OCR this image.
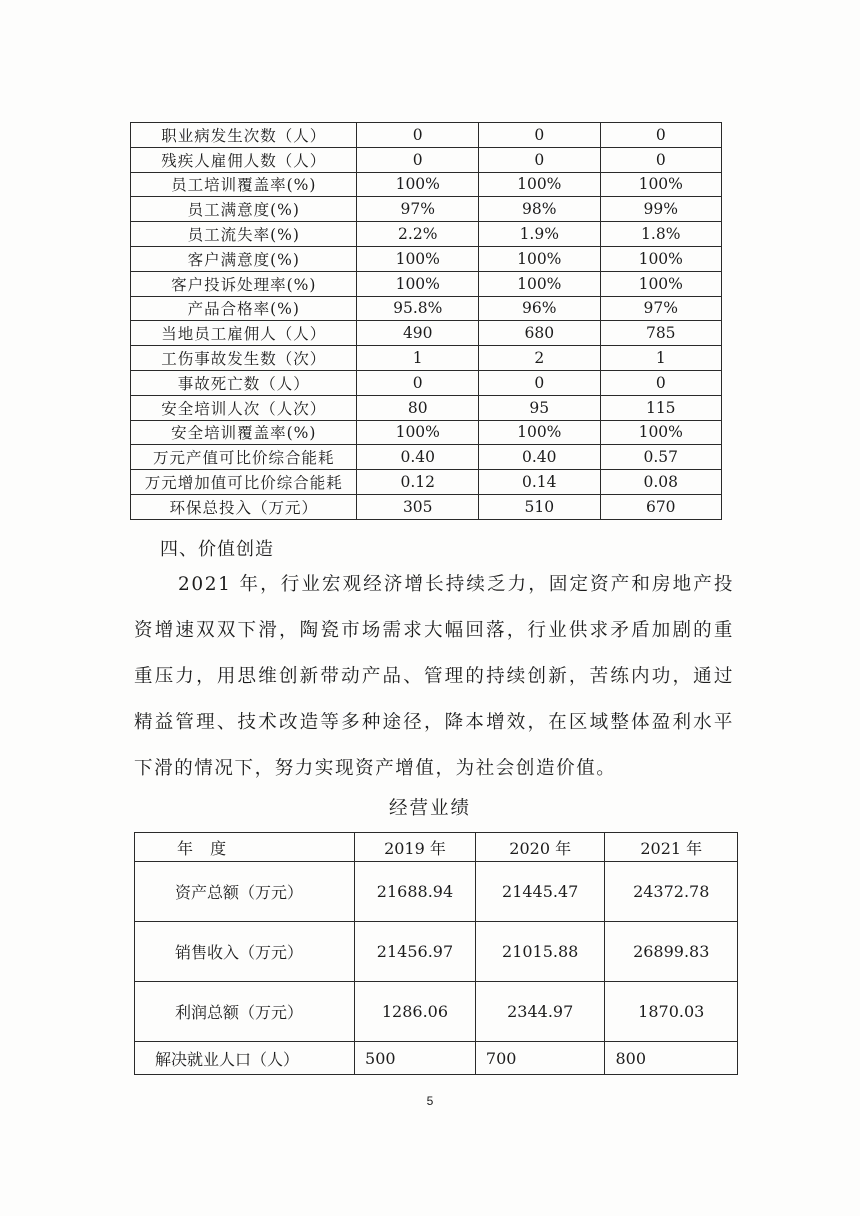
职业病发生次数（人）	0	0	0
残疾人雇佣人数（人）	0	0	0
员工培训覆盖率(%)	100%	100%	100%
员工满意度(%)	97%	98%	99%
员工流失率(%)	2.2%	1.9%	1.8%
客户满意度(%)	100%	100%	100%
客户投诉处理率(%)	100%	100%	100%
产品合格率(%)	95.8%	96%	97%
当地员工雇佣人（人）	490	680	785
工伤事故发生数（次）	1	2	1
事故死亡数（人）	0	0	0
安全培训人次（人次）	80	95	115
安全培训覆盖率(%)	100%	100%	100%
万元产值可比价综合能耗	0.40	0.40	0.57
万元增加值可比价综合能耗	0.12	0.14	0.08
环保总投入（万元）	305	510	670
四、价值创造

2021 年，行业宏观经济增长持续乏力，固定资产和房地产投资增速双双下滑，陶瓷市场需求大幅回落，行业供求矛盾加剧的重重压力，用思维创新带动产品、管理的持续创新，苦练内功，通过精益管理、技术改造等多种途径，降本增效，在区域整体盈利水平下滑的情况下，努力实现资产增值，为社会创造价值。

经营业绩
年 度	2019 年	2020 年	2021 年
资产总额（万元）	21688.94	21445.47	24372.78
销售收入（万元）	21456.97	21015.88	26899.83
利润总额（万元）	1286.06	2344.97	1870.03
解决就业人口（人）	500	700	800
5
